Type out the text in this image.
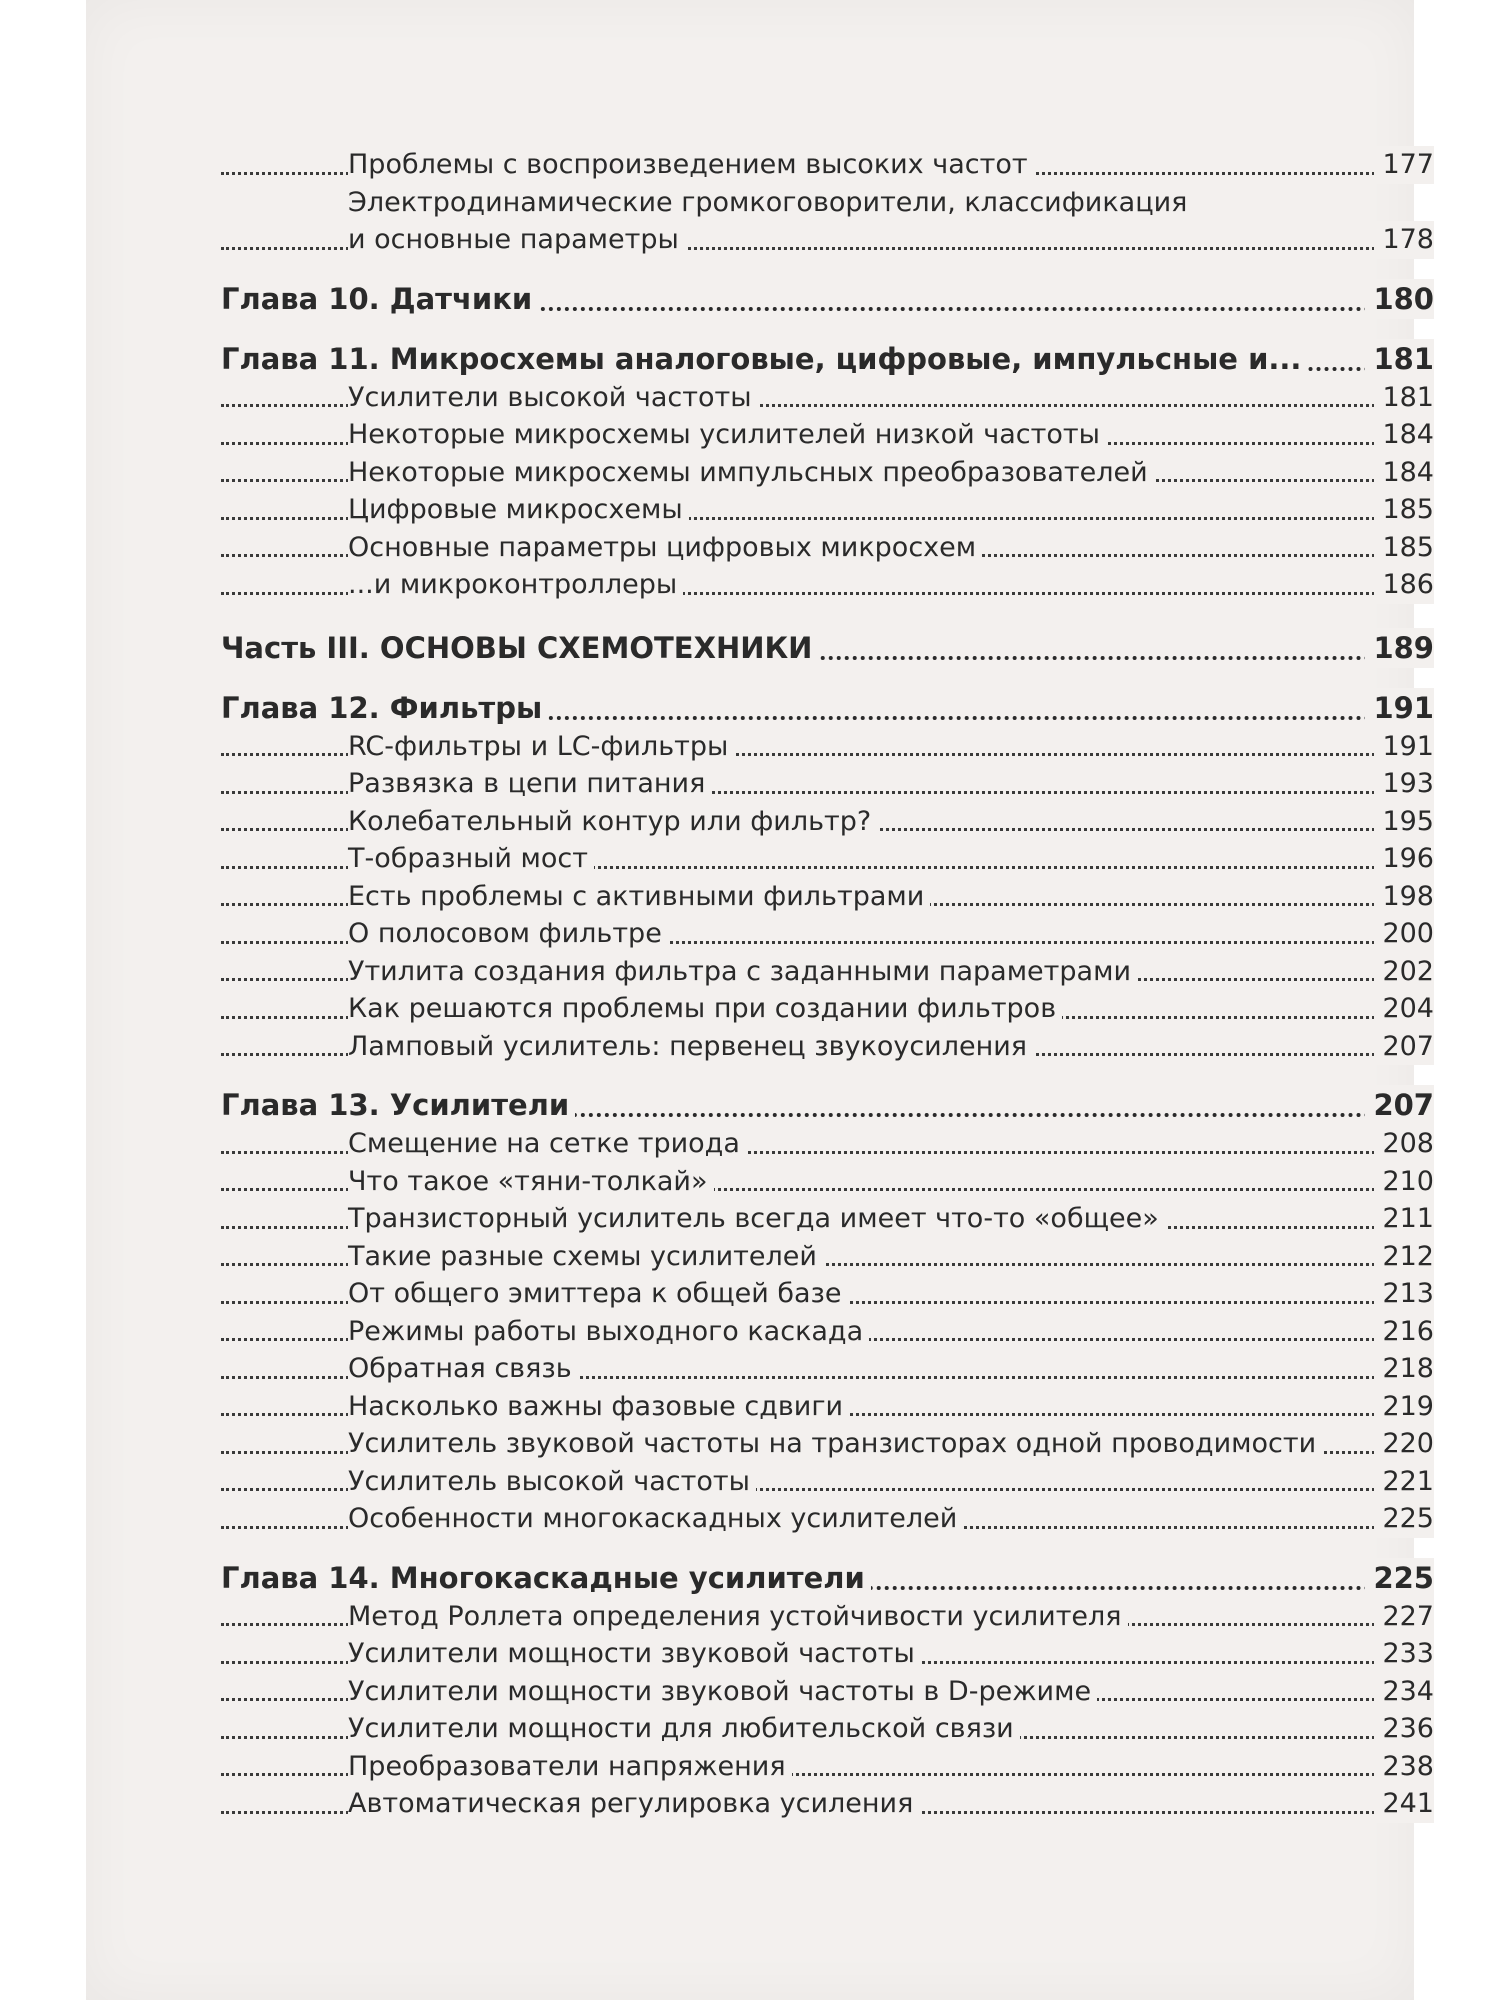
Проблемы с воспроизведением высоких частот	177
Электродинамические громкоговорители, классификация
и основные параметры	178
Глава 10. Датчики	180
Глава 11. Микросхемы аналоговые, цифровые, импульсные и... 181
Усилители высокой частоты	181
Некоторые микросхемы усилителей низкой частоты	184
Некоторые микросхемы импульсных преобразователей	184
Цифровые микросхемы	185
Основные параметры цифровых микросхем	185
...и микроконтроллеры	186
Часть III. ОСНОВЫ СХЕМОТЕХНИКИ	189
Глава 12. Фильтры	191
RC-фильтры и LC-фильтры	191
Развязка в цепи питания	193
Колебательный контур или фильтр?	195
Т-образный мост	196
Есть проблемы с активными фильтрами	198
О полосовом фильтре	200
Утилита создания фильтра с заданными параметрами	202
Как решаются проблемы при создании фильтров	204
Ламповый усилитель: первенец звукоусиления	207
Глава 13. Усилители	207
Смещение на сетке триода	208
Что такое «тяни-толкай»	210
Транзисторный усилитель всегда имеет что-то «общее»	211
Такие разные схемы усилителей	212
От общего эмиттера к общей базе	213
Режимы работы выходного каскада	216
Обратная связь	218
Насколько важны фазовые сдвиги	219
Усилитель звуковой частоты на транзисторах одной проводимости 220
Усилитель высокой частоты	221
Особенности многокаскадных усилителей	225
Глава 14. Многокаскадные усилители	225
Метод Роллета определения устойчивости усилителя	227
Усилители мощности звуковой частоты	233
Усилители мощности звуковой частоты в D-режиме	234
Усилители мощности для любительской связи	236
Преобразователи напряжения	238
Автоматическая регулировка усиления	241
